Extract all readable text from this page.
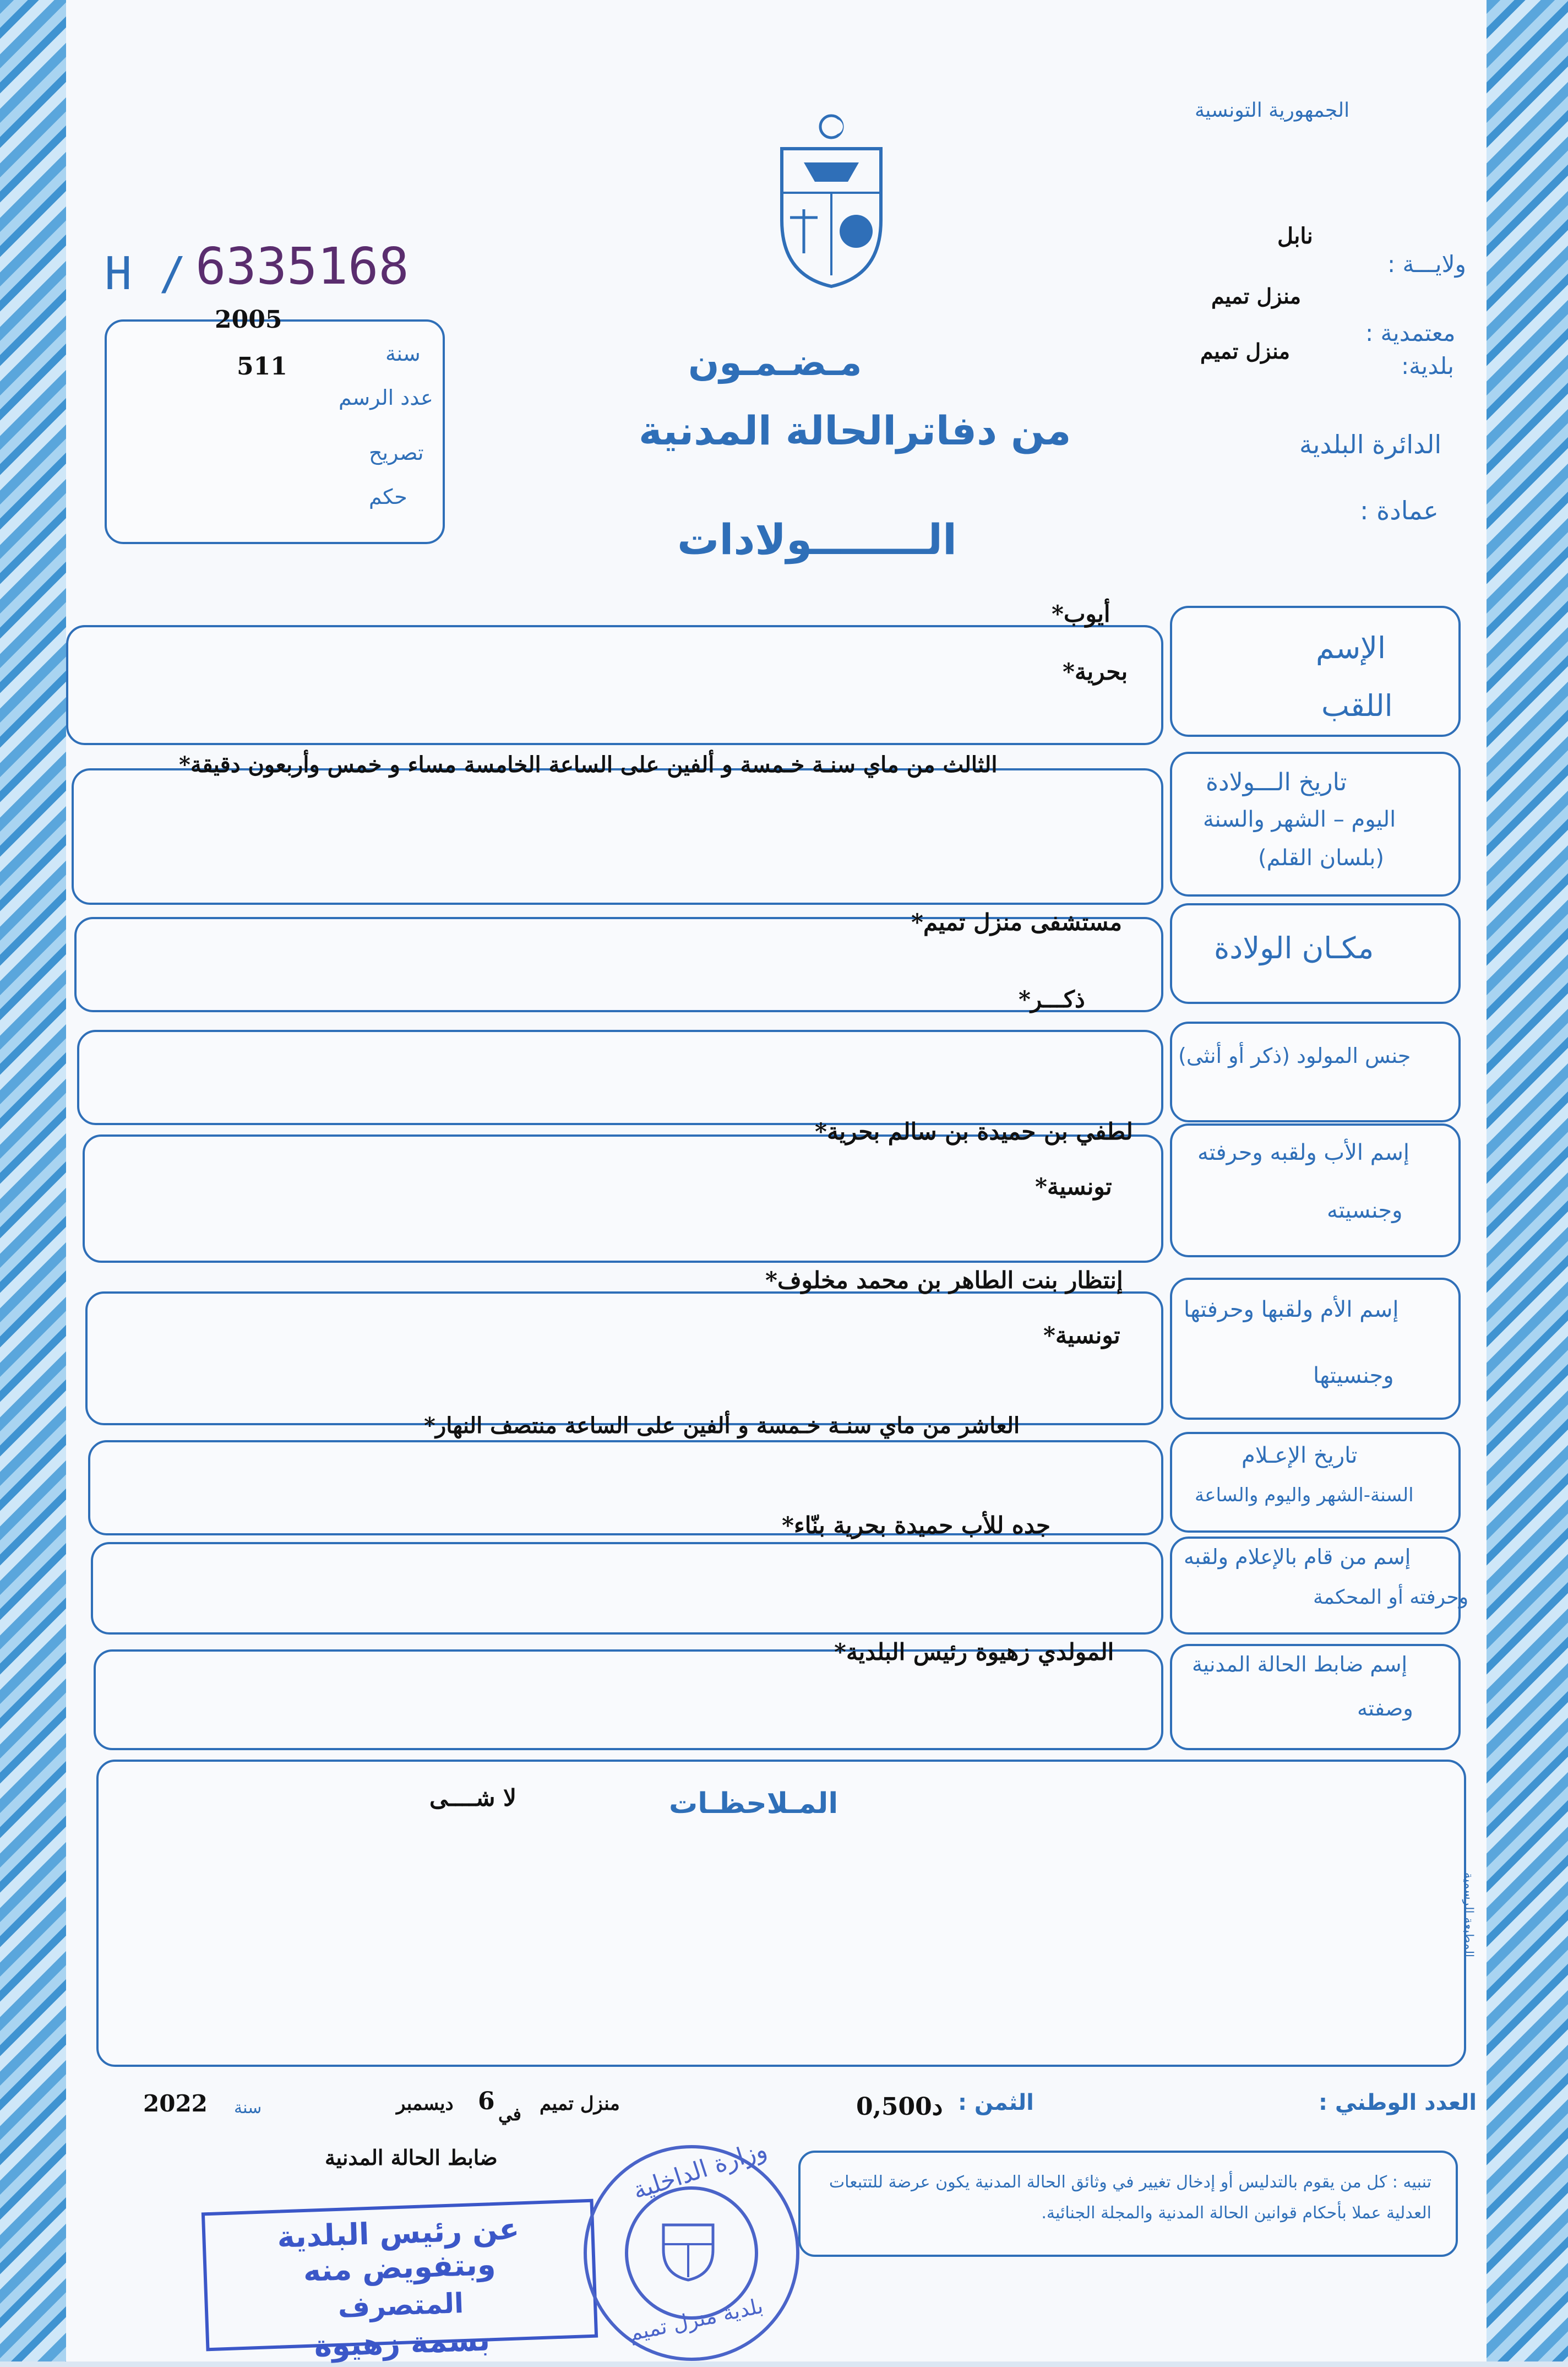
الجمهورية التونسية
ولايـــة :
نابل
معتمدية :
منزل تميم
بلدية:
منزل تميم
الدائرة البلدية
عمادة :
H / 6335168
2005
سنة
511
عدد الرسم
تصريح
حكم
مـضـمـون
من دفاترالحالة المدنية
الــــــــولادات
الإسم
اللقب
أيوب*
بحرية*
تاريخ الـــولادة
اليوم – الشهر والسنة
(بلسان القلم)
الثالث من ماي سنـة خـمسة و ألفين على الساعة الخامسة مساء و خمس وأربعون دقيقة*
مكـان الولادة
مستشفى منزل تميم*
جنس المولود (ذكر أو أنثى)
ذكـــر*
إسم الأب ولقبه وحرفته
وجنسيته
لطفي بن حميدة بن سالم بحرية*
تونسية*
إسم الأم ولقبها وحرفتها
وجنسيتها
إنتظار بنت الطاهر بن محمد مخلوف*
تونسية*
تاريخ الإعـلام
السنة-الشهر واليوم والساعة
العاشر من ماي سنـة خـمسة و ألفين على الساعة منتصف النهار*
إسم من قام بالإعلام ولقبه
وحرفته أو المحكمة
جده للأب حميدة بحرية بنّاء*
إسم ضابط الحالة المدنية
وصفته
المولدي زهيوة رئيس البلدية*
المـلاحظـات
لا شــــى
المطبعة الرسمية
العدد الوطني :
الثمن :
0,500د
منزل تميم
في
6
ديسمبر
سنة
2022
ضابط الحالة المدنية
تنبيه : كل من يقوم بالتدليس أو إدخال تغيير في وثائق الحالة المدنية يكون عرضة للتتبعات العدلية عملا بأحكام قوانين الحالة المدنية والمجلة الجنائية.
عن رئيس البلدية وبتفويض منه
المتصرف
بسمة زهيوة
وزارة الداخلية
بلدية منزل تميم
